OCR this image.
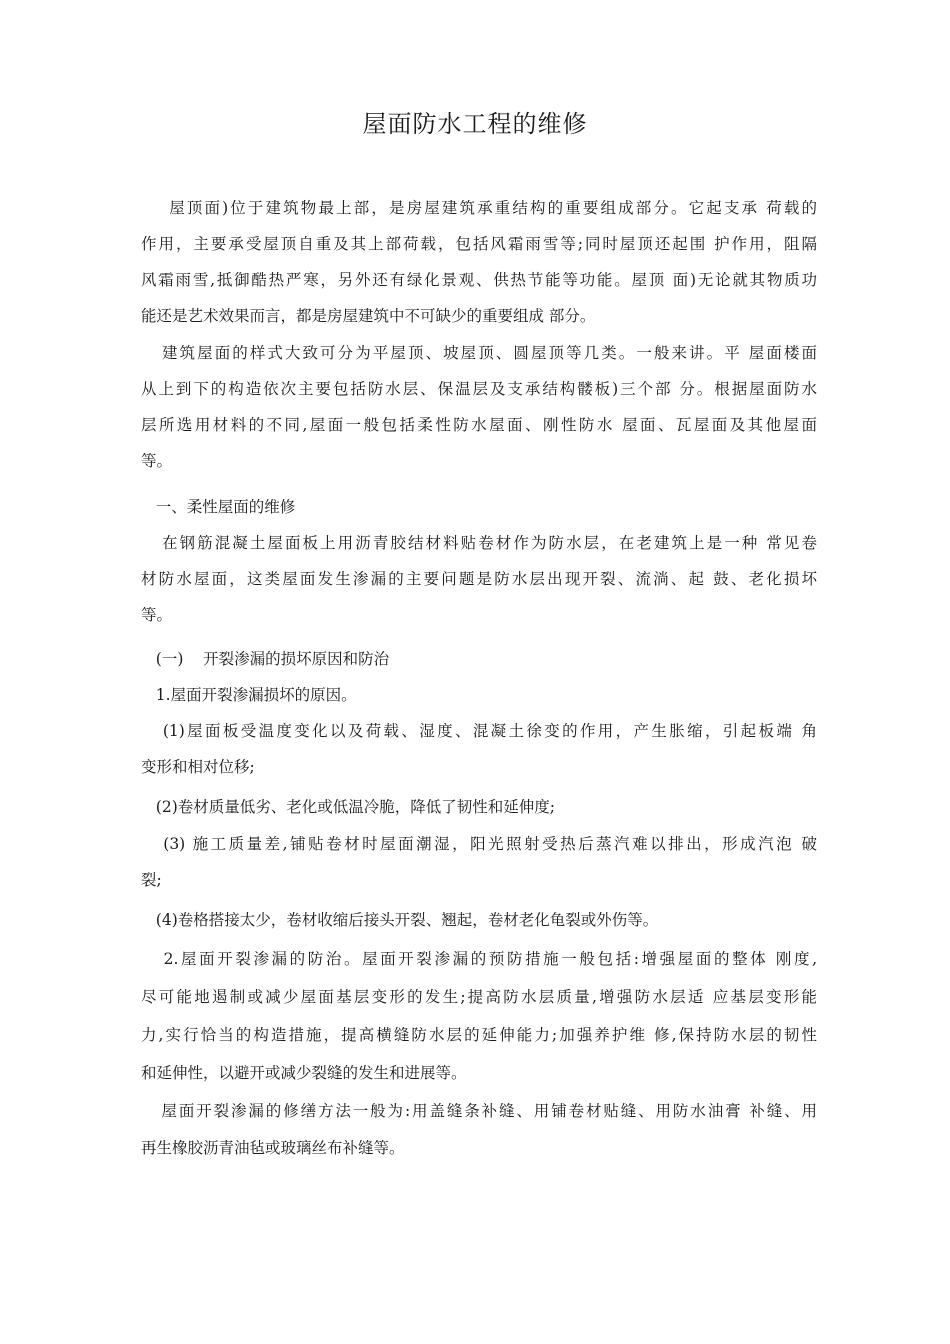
屋面防水工程的维修
屋顶面)位于建筑物最上部，是房屋建筑承重结构的重要组成部分。它起支承 荷载的
作用，主要承受屋顶自重及其上部荷载，包括风霜雨雪等;同时屋顶还起围 护作用，阻隔
风霜雨雪,抵御酷热严寒，另外还有绿化景观、供热节能等功能。屋顶 面)无论就其物质功
能还是艺术效果而言，都是房屋建筑中不可缺少的重要组成 部分。
建筑屋面的样式大致可分为平屋顶、坡屋顶、圆屋顶等几类。一般来讲。平 屋面楼面
从上到下的构造依次主要包括防水层、保温层及支承结构髅板)三个部 分。根据屋面防水
层所选用材料的不同,屋面一般包括柔性防水屋面、刚性防水 屋面、瓦屋面及其他屋面
等。
一、柔性屋面的维修
在钢筋混凝土屋面板上用沥青胶结材料贴卷材作为防水层，在老建筑上是一种 常见卷
材防水屋面，这类屋面发生渗漏的主要问题是防水层出现开裂、流淌、起 鼓、老化损坏
等。
(一)    开裂渗漏的损坏原因和防治
1.屋面开裂渗漏损坏的原因。
(1)屋面板受温度变化以及荷载、湿度、混凝土徐变的作用，产生胀缩，引起板端 角
变形和相对位移;
(2)卷材质量低劣、老化或低温冷脆，降低了韧性和延伸度;
(3) 施工质量差,铺贴卷材时屋面潮湿，阳光照射受热后蒸汽难以排出，形成汽泡 破
裂;
(4)卷格搭接太少，卷材收缩后接头开裂、翘起，卷材老化龟裂或外伤等。
2.屋面开裂渗漏的防治。屋面开裂渗漏的预防措施一般包括:增强屋面的整体 刚度,
尽可能地遏制或减少屋面基层变形的发生;提高防水层质量,增强防水层适 应基层变形能
力,实行恰当的构造措施，提高横缝防水层的延伸能力;加强养护维 修,保持防水层的韧性
和延伸性，以避开或减少裂缝的发生和进展等。
屋面开裂渗漏的修缮方法一般为:用盖缝条补缝、用铺卷材贴缝、用防水油膏 补缝、用
再生橡胶沥青油毡或玻璃丝布补缝等。
